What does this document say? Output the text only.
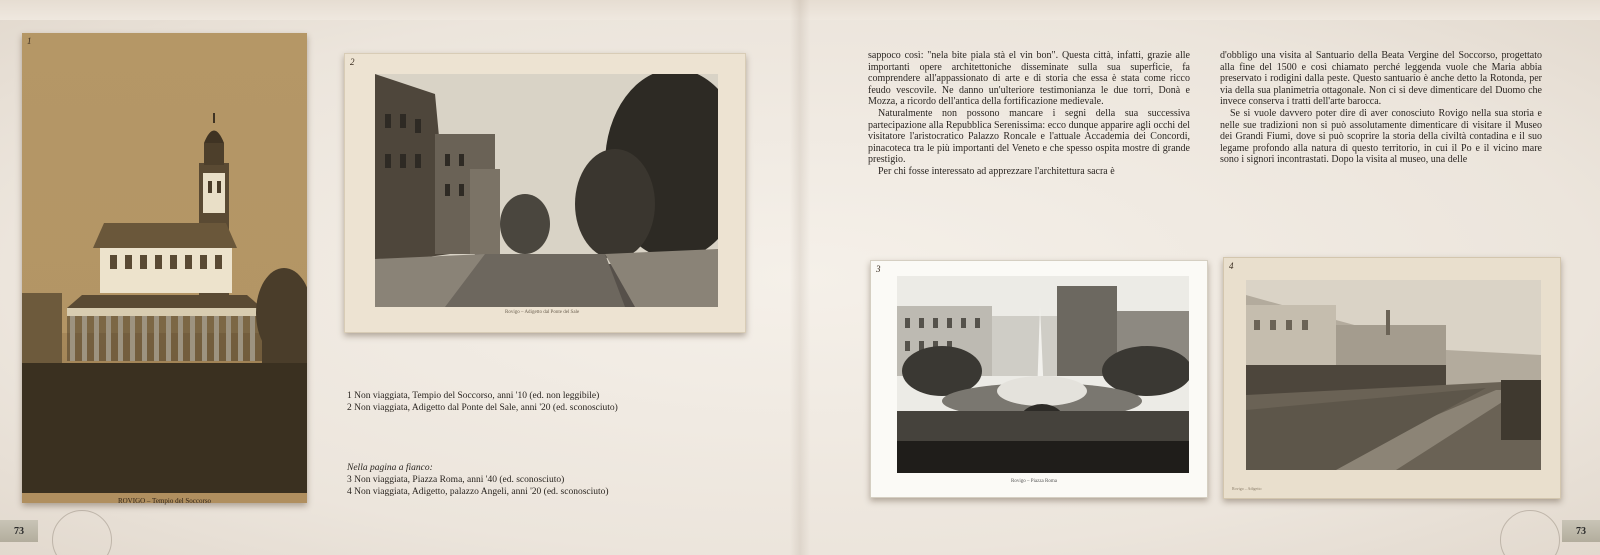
1
ROVIGO – Tempio del Soccorso
2
Rovigo – Adigetto dal Ponte del Sale
1 Non viaggiata, Tempio del Soccorso, anni '10 (ed. non leggibile)
2 Non viaggiata, Adigetto dal Ponte del Sale, anni '20 (ed. sconosciuto)
Nella pagina a fianco:
3 Non viaggiata, Piazza Roma, anni '40 (ed. sconosciuto)
4 Non viaggiata, Adigetto, palazzo Angeli, anni '20 (ed. sconosciuto)

sappoco così: "nela bite piala stà el vin bon". Questa città, infatti, grazie alle importanti opere architettoniche disseminate sulla sua superficie, fa comprendere all'appassionato di arte e di storia che essa è stata come ricco feudo vescovile. Ne danno un'ulteriore testimonianza le due torri, Donà e Mozza, a ricordo dell'antica della fortificazione medievale.

Naturalmente non possono mancare i segni della sua successiva partecipazione alla Repubblica Serenissima: ecco dunque apparire agli occhi del visitatore l'aristocratico Palazzo Roncale e l'attuale Accademia dei Concordi, pinacoteca tra le più importanti del Veneto e che spesso ospita mostre di grande prestigio.

Per chi fosse interessato ad apprezzare l'architettura sacra è

d'obbligo una visita al Santuario della Beata Vergine del Soccorso, progettato alla fine del 1500 e così chiamato perché leggenda vuole che Maria abbia preservato i rodigini dalla peste. Questo santuario è anche detto la Rotonda, per via della sua planimetria ottagonale. Non ci si deve dimenticare del Duomo che invece conserva i tratti dell'arte barocca.

Se si vuole davvero poter dire di aver conosciuto Rovigo nella sua storia e nelle sue tradizioni non si può assolutamente dimenticare di visitare il Museo dei Grandi Fiumi, dove si può scoprire la storia della civiltà contadina e il suo legame profondo alla natura di questo territorio, in cui il Po e il vicino mare sono i signori incontrastati. Dopo la visita al museo, una delle

3
Rovigo – Piazza Roma
4
Rovigo – Adigetto
73	73
